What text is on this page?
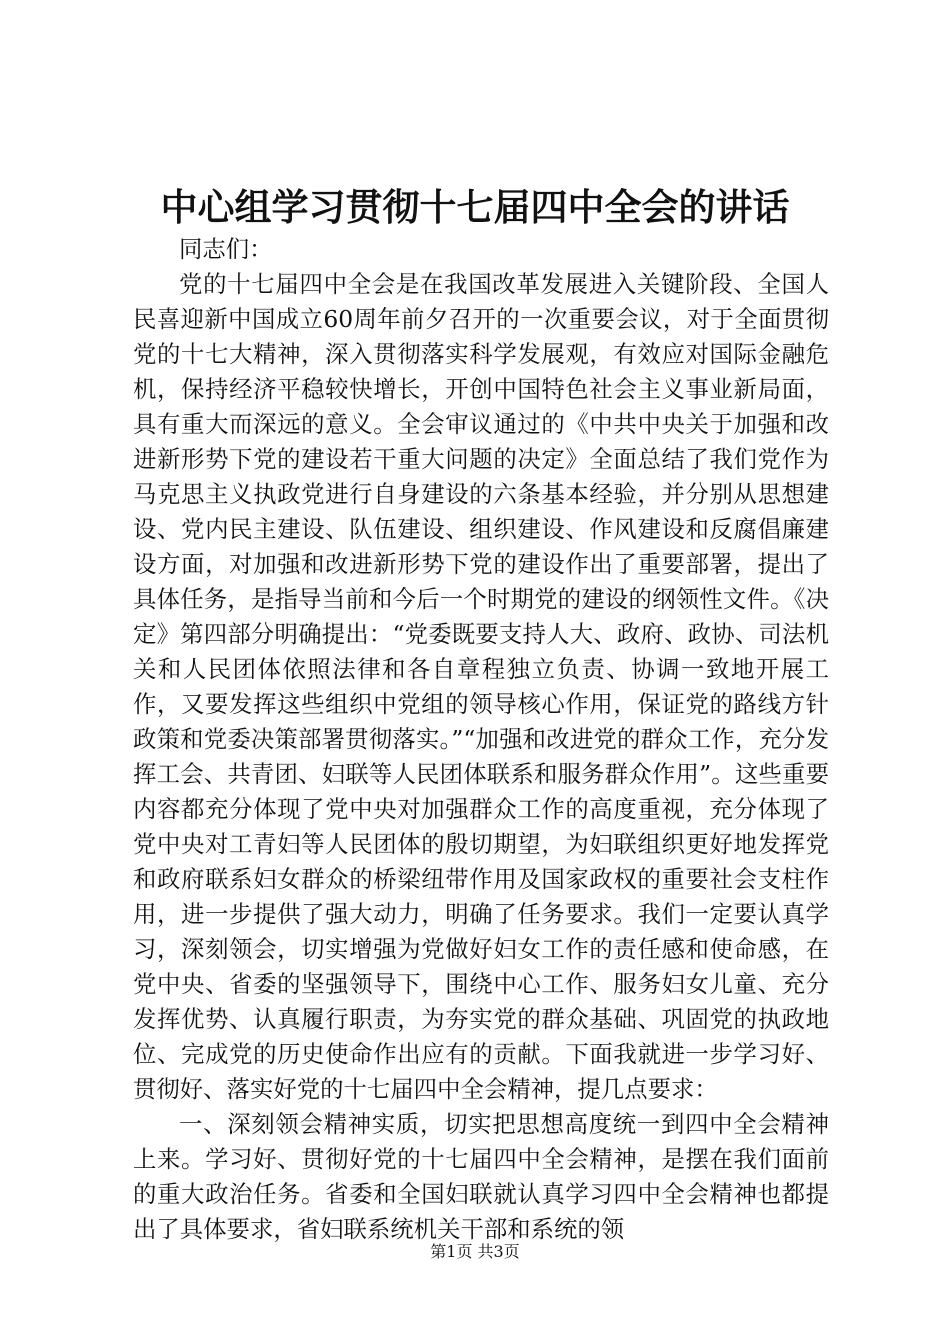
中心组学习贯彻十七届四中全会的讲话

同志们：

党的十七届四中全会是在我国改革发展进入关键阶段、全国人民喜迎新中国成立60周年前夕召开的一次重要会议，对于全面贯彻党的十七大精神，深入贯彻落实科学发展观，有效应对国际金融危机，保持经济平稳较快增长，开创中国特色社会主义事业新局面，具有重大而深远的意义。全会审议通过的《中共中央关于加强和改进新形势下党的建设若干重大问题的决定》全面总结了我们党作为马克思主义执政党进行自身建设的六条基本经验，并分别从思想建设、党内民主建设、队伍建设、组织建设、作风建设和反腐倡廉建设方面，对加强和改进新形势下党的建设作出了重要部署，提出了具体任务，是指导当前和今后一个时期党的建设的纲领性文件。《决定》第四部分明确提出：“党委既要支持人大、政府、政协、司法机关和人民团体依照法律和各自章程独立负责、协调一致地开展工作，又要发挥这些组织中党组的领导核心作用，保证党的路线方针政策和党委决策部署贯彻落实。”“加强和改进党的群众工作，充分发挥工会、共青团、妇联等人民团体联系和服务群众作用”。这些重要内容都充分体现了党中央对加强群众工作的高度重视，充分体现了党中央对工青妇等人民团体的殷切期望，为妇联组织更好地发挥党和政府联系妇女群众的桥梁纽带作用及国家政权的重要社会支柱作用，进一步提供了强大动力，明确了任务要求。我们一定要认真学习，深刻领会，切实增强为党做好妇女工作的责任感和使命感，在党中央、省委的坚强领导下，围绕中心工作、服务妇女儿童、充分发挥优势、认真履行职责，为夯实党的群众基础、巩固党的执政地位、完成党的历史使命作出应有的贡献。下面我就进一步学习好、贯彻好、落实好党的十七届四中全会精神，提几点要求：

一、深刻领会精神实质，切实把思想高度统一到四中全会精神上来。学习好、贯彻好党的十七届四中全会精神，是摆在我们面前的重大政治任务。省委和全国妇联就认真学习四中全会精神也都提出了具体要求，省妇联系统机关干部和系统的领

第1页 共3页
